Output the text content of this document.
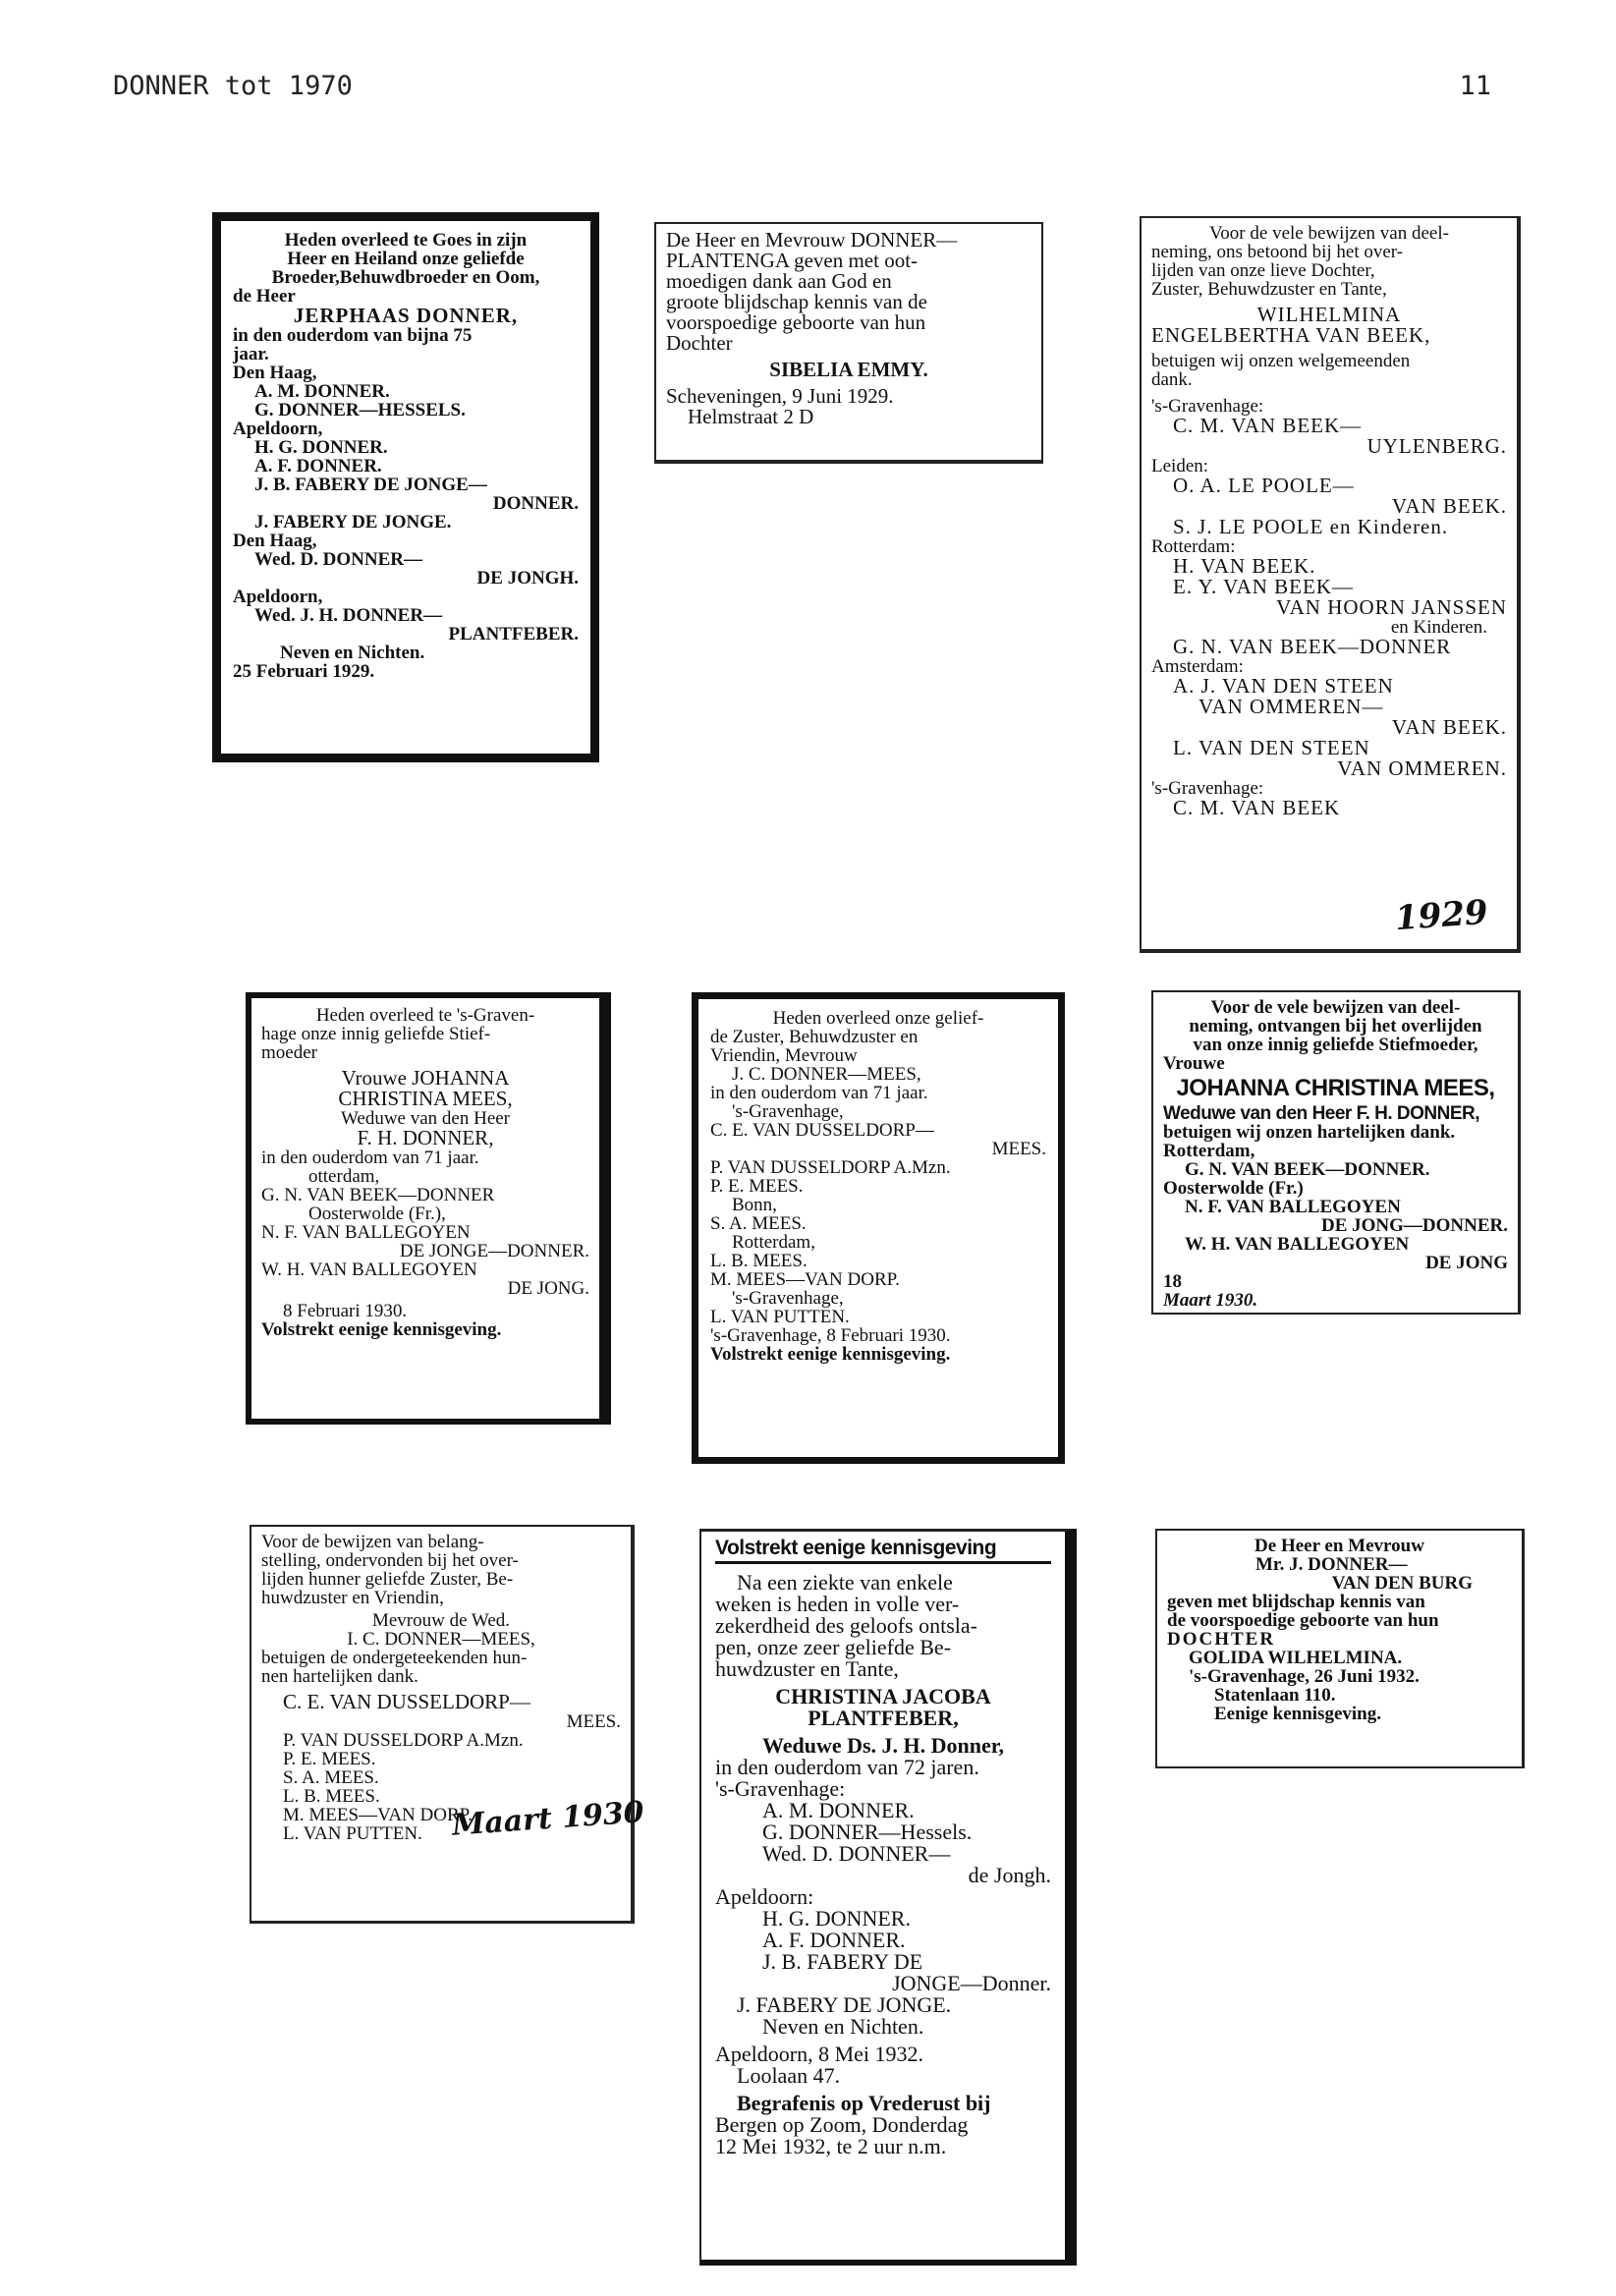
DONNER tot 1970	11
Heden overleed te Goes in zijn
Heer en Heiland onze geliefde
Broeder,Behuwdbroeder en Oom,
de Heer
JERPHAAS DONNER,
in den ouderdom van bijna 75
jaar.
Den Haag,
A. M. DONNER.
G. DONNER—HESSELS.
Apeldoorn,
H. G. DONNER.
A. F. DONNER.
J. B. FABERY DE JONGE—
DONNER.
J. FABERY DE JONGE.
Den Haag,
Wed. D. DONNER—
DE JONGH.
Apeldoorn,
Wed. J. H. DONNER—
PLANTFEBER.
Neven en Nichten.
25 Februari 1929.
De Heer en Mevrouw DONNER—
PLANTENGA geven met oot-
moedigen dank aan God en
groote blijdschap kennis van de
voorspoedige geboorte van hun
Dochter
SIBELIA EMMY.
Scheveningen, 9 Juni 1929.
Helmstraat 2 D
Voor de vele bewijzen van deel-
neming, ons betoond bij het over-
lijden van onze lieve Dochter,
Zuster, Behuwdzuster en Tante,
WILHELMINA
ENGELBERTHA VAN BEEK,
betuigen wij onzen welgemeenden
dank.
's-Gravenhage:
C. M. VAN BEEK—
UYLENBERG.
Leiden:
O. A. LE POOLE—
VAN BEEK.
S. J. LE POOLE en Kinderen.
Rotterdam:
H. VAN BEEK.
E. Y. VAN BEEK—
VAN HOORN JANSSEN
en Kinderen.
G. N. VAN BEEK—DONNER
Amsterdam:
A. J. VAN DEN STEEN
VAN OMMEREN—
VAN BEEK.
L. VAN DEN STEEN
VAN OMMEREN.
's-Gravenhage:
C. M. VAN BEEK
1929
Heden overleed te 's-Graven-
hage onze innig geliefde Stief-
moeder
Vrouwe JOHANNA
CHRISTINA MEES,
Weduwe van den Heer
F. H. DONNER,
in den ouderdom van 71 jaar.
otterdam,
G. N. VAN BEEK—DONNER
Oosterwolde (Fr.),
N. F. VAN BALLEGOYEN
DE JONGE—DONNER.
W. H. VAN BALLEGOYEN
DE JONG.
8 Februari 1930.
Volstrekt eenige kennisgeving.
Heden overleed onze gelief-
de Zuster, Behuwdzuster en
Vriendin, Mevrouw
J. C. DONNER—MEES,
in den ouderdom van 71 jaar.
's-Gravenhage,
C. E. VAN DUSSELDORP—
MEES.
P. VAN DUSSELDORP A.Mzn.
P. E. MEES.
Bonn,
S. A. MEES.
Rotterdam,
L. B. MEES.
M. MEES—VAN DORP.
's-Gravenhage,
L. VAN PUTTEN.
's-Gravenhage, 8 Februari 1930.
Volstrekt eenige kennisgeving.
Voor de vele bewijzen van deel-
neming, ontvangen bij het overlijden
van onze innig geliefde Stiefmoeder,
Vrouwe
JOHANNA CHRISTINA MEES,
Weduwe van den Heer F. H. DONNER,
betuigen wij onzen hartelijken dank.
Rotterdam,
G. N. VAN BEEK—DONNER.
Oosterwolde (Fr.)
N. F. VAN BALLEGOYEN
DE JONG—DONNER.
W. H. VAN BALLEGOYEN
DE JONG
18
Maart 1930.
Voor de bewijzen van belang-
stelling, ondervonden bij het over-
lijden hunner geliefde Zuster, Be-
huwdzuster en Vriendin,
Mevrouw de Wed.
I. C. DONNER—MEES,
betuigen de ondergeteekenden hun-
nen hartelijken dank.
C. E. VAN DUSSELDORP—
MEES.
P. VAN DUSSELDORP A.Mzn.
P. E. MEES.
S. A. MEES.
L. B. MEES.
M. MEES—VAN DORP.
L. VAN PUTTEN. Maart 1930
Volstrekt eenige kennisgeving
Na een ziekte van enkele
weken is heden in volle ver-
zekerdheid des geloofs ontsla-
pen, onze zeer geliefde Be-
huwdzuster en Tante,
CHRISTINA JACOBA
PLANTFEBER,
Weduwe Ds. J. H. Donner,
in den ouderdom van 72 jaren.
's-Gravenhage:
A. M. DONNER.
G. DONNER—Hessels.
Wed. D. DONNER—
de Jongh.
Apeldoorn:
H. G. DONNER.
A. F. DONNER.
J. B. FABERY DE
JONGE—Donner.
J. FABERY DE JONGE.
Neven en Nichten.
Apeldoorn, 8 Mei 1932.
Loolaan 47.
Begrafenis op Vrederust bij
Bergen op Zoom, Donderdag
12 Mei 1932, te 2 uur n.m.
De Heer en Mevrouw
Mr. J. DONNER—
VAN DEN BURG
geven met blijdschap kennis van
de voorspoedige geboorte van hun
DOCHTER
GOLIDA WILHELMINA.
's-Gravenhage, 26 Juni 1932.
Statenlaan 110.
Eenige kennisgeving.
